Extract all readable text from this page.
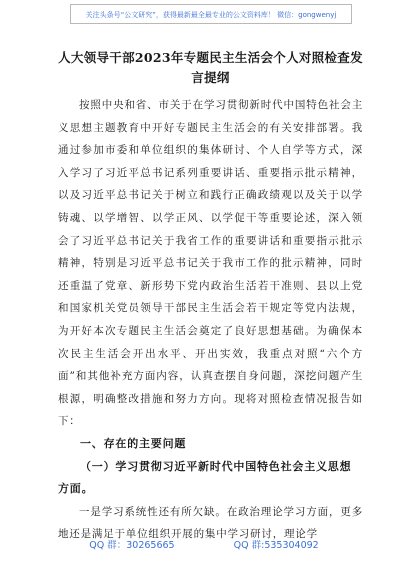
关注头条号“公文研究”，获得最新最全最专业的公文资料库！ 微信：gongwenyj
人大领导干部2023年专题民主生活会个人对照检查发言提纲

按照中央和省、市关于在学习贯彻新时代中国特色社会主义思想主题教育中开好专题民主生活会的有关安排部署。我通过参加市委和单位组织的集体研讨、个人自学等方式，深入学习了习近平总书记系列重要讲话、重要指示批示精神，以及习近平总书记关于树立和践行正确政绩观以及关于以学铸魂、以学增智、以学正风、以学促干等重要论述，深入领会了习近平总书记关于我省工作的重要讲话和重要指示批示精神，特别是习近平总书记关于我市工作的批示精神，同时还重温了党章、新形势下党内政治生活若干准则、县以上党和国家机关党员领导干部民主生活会若干规定等党内法规，为开好本次专题民主生活会奠定了良好思想基础。为确保本次民主生活会开出水平、开出实效，我重点对照“六个方面”和其他补充方面内容，认真查摆自身问题，深挖问题产生根源，明确整改措施和努力方向。现将对照检查情况报告如下：

一、存在的主要问题

（一）学习贯彻习近平新时代中国特色社会主义思想方面。

一是学习系统性还有所欠缺。在政治理论学习方面，更多地还是满足于单位组织开展的集中学习研讨，理论学

QQ 群：30265665	QQ 群:535304092
